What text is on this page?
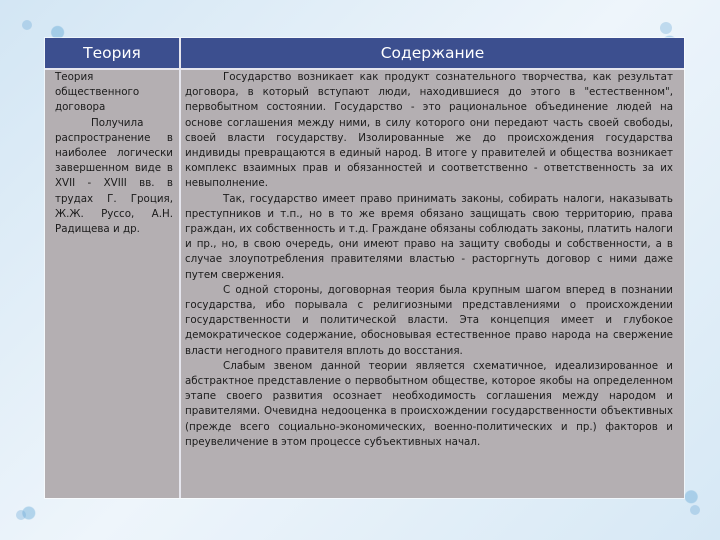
Теория	Содержание

Теория общественного договора

Получила распространение в наиболее логически завершенном виде в XVII - XVIII вв. в трудах Г. Гроция, Ж.Ж. Руссо, А.Н. Радищева и др.

Государство возникает как продукт сознательного творчества, как результат договора, в который вступают люди, находившиеся до этого в "естественном", первобытном состоянии. Государство - это рациональное объединение людей на основе соглашения между ними, в силу которого они передают часть своей свободы, своей власти государству. Изолированные же до происхождения государства индивиды превращаются в единый народ. В итоге у правителей и общества возникает комплекс взаимных прав и обязанностей и соответственно - ответственность за их невыполнение.

Так, государство имеет право принимать законы, собирать налоги, наказывать преступников и т.п., но в то же время обязано защищать свою территорию, права граждан, их собственность и т.д. Граждане обязаны соблюдать законы, платить налоги и пр., но, в свою очередь, они имеют право на защиту свободы и собственности, а в случае злоупотребления правителями властью - расторгнуть договор с ними даже путем свержения.

С одной стороны, договорная теория была крупным шагом вперед в познании государства, ибо порывала с религиозными представлениями о происхождении государственности и политической власти. Эта концепция имеет и глубокое демократическое содержание, обосновывая естественное право народа на свержение власти негодного правителя вплоть до восстания.

Слабым звеном данной теории является схематичное, идеализированное и абстрактное представление о первобытном обществе, которое якобы на определенном этапе своего развития осознает необходимость соглашения между народом и правителями. Очевидна недооценка в происхождении государственности объективных (прежде всего социально-экономических, военно-политических и пр.) факторов и преувеличение в этом процессе субъективных начал.
